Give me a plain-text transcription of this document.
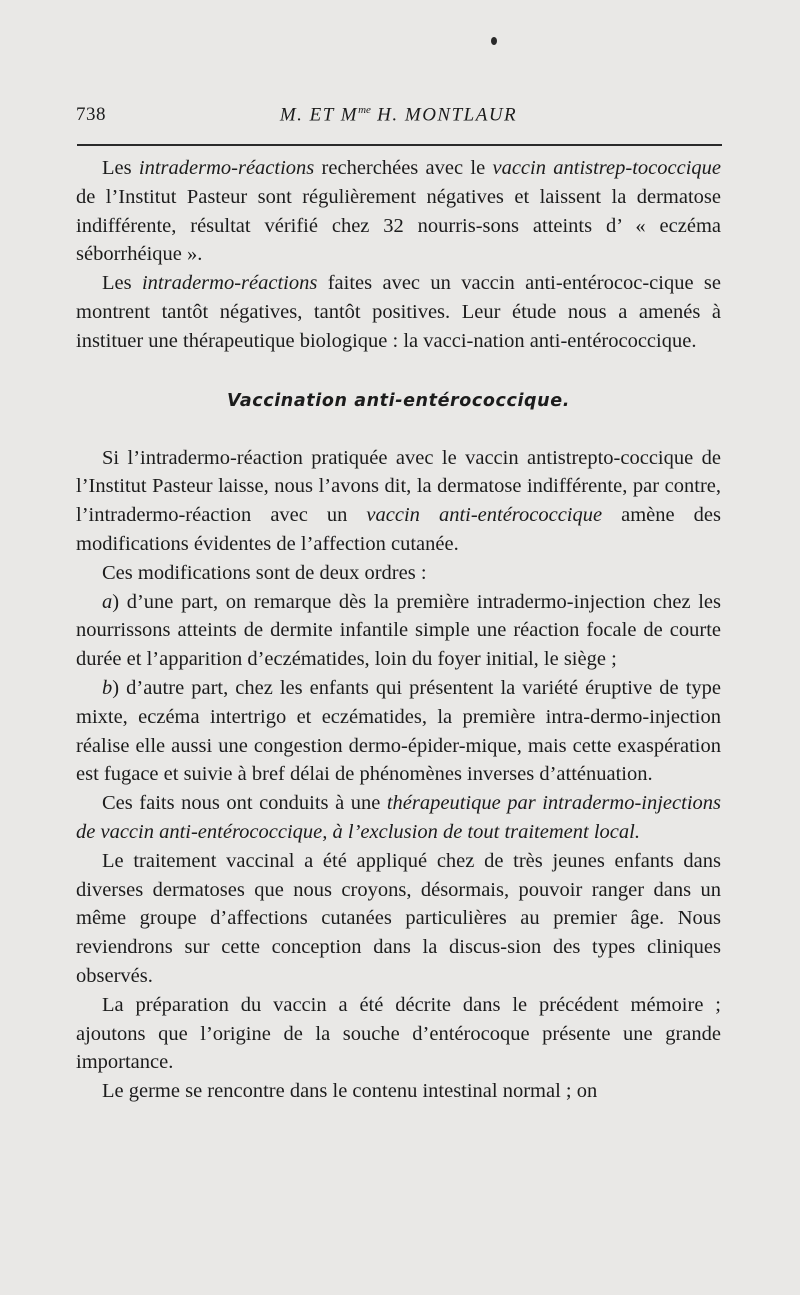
738	M. ET $M^{me}$ H. MONTLAUR

Les intradermo-réactions recherchées avec le vaccin antistrep-tococcique de l’Institut Pasteur sont régulièrement négatives et laissent la dermatose indifférente, résultat vérifié chez 32 nourris-sons atteints d’ « eczéma séborrhéique ».

Les intradermo-réactions faites avec un vaccin anti-entérococ-cique se montrent tantôt négatives, tantôt positives. Leur étude nous a amenés à instituer une thérapeutique biologique : la vacci-nation anti-entérococcique.

Vaccination anti-entérococcique.

Si l’intradermo-réaction pratiquée avec le vaccin antistrepto-coccique de l’Institut Pasteur laisse, nous l’avons dit, la dermatose indifférente, par contre, l’intradermo-réaction avec un vaccin anti-entérococcique amène des modifications évidentes de l’affection cutanée.

Ces modifications sont de deux ordres :

a) d’une part, on remarque dès la première intradermo-injection chez les nourrissons atteints de dermite infantile simple une réaction focale de courte durée et l’apparition d’eczématides, loin du foyer initial, le siège ;

b) d’autre part, chez les enfants qui présentent la variété éruptive de type mixte, eczéma intertrigo et eczématides, la première intra-dermo-injection réalise elle aussi une congestion dermo-épider-mique, mais cette exaspération est fugace et suivie à bref délai de phénomènes inverses d’atténuation.

Ces faits nous ont conduits à une thérapeutique par intradermo-injections de vaccin anti-entérococcique, à l’exclusion de tout traitement local.

Le traitement vaccinal a été appliqué chez de très jeunes enfants dans diverses dermatoses que nous croyons, désormais, pouvoir ranger dans un même groupe d’affections cutanées particulières au premier âge. Nous reviendrons sur cette conception dans la discus-sion des types cliniques observés.

La préparation du vaccin a été décrite dans le précédent mémoire ; ajoutons que l’origine de la souche d’entérocoque présente une grande importance.

Le germe se rencontre dans le contenu intestinal normal ; on
